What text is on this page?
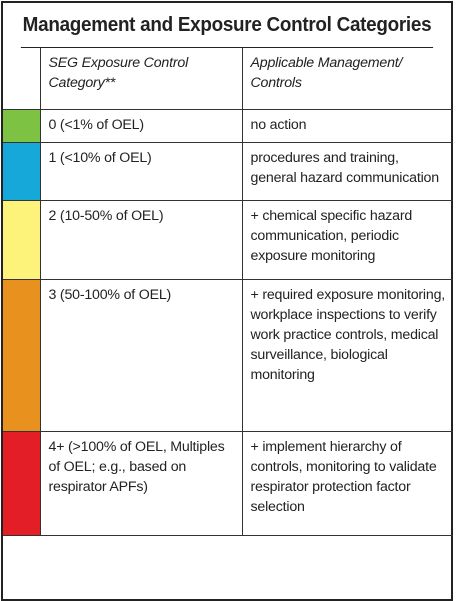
Management and Exposure Control Categories

	SEG Exposure Control Category**	Applicable Management/ Controls

	0 (<1% of OEL)	no action

	1 (<10% of OEL)	procedures and training, general hazard communication

	2 (10-50% of OEL)	+ chemical specific hazard communication, periodic exposure monitoring

	3 (50-100% of OEL)	+ required exposure monitoring, workplace inspections to verify work practice controls, medical surveillance, biological monitoring

	4+ (>100% of OEL, Multiples of OEL; e.g., based on respirator APFs)	+ implement hierarchy of controls, monitoring to validate respirator protection factor selection
